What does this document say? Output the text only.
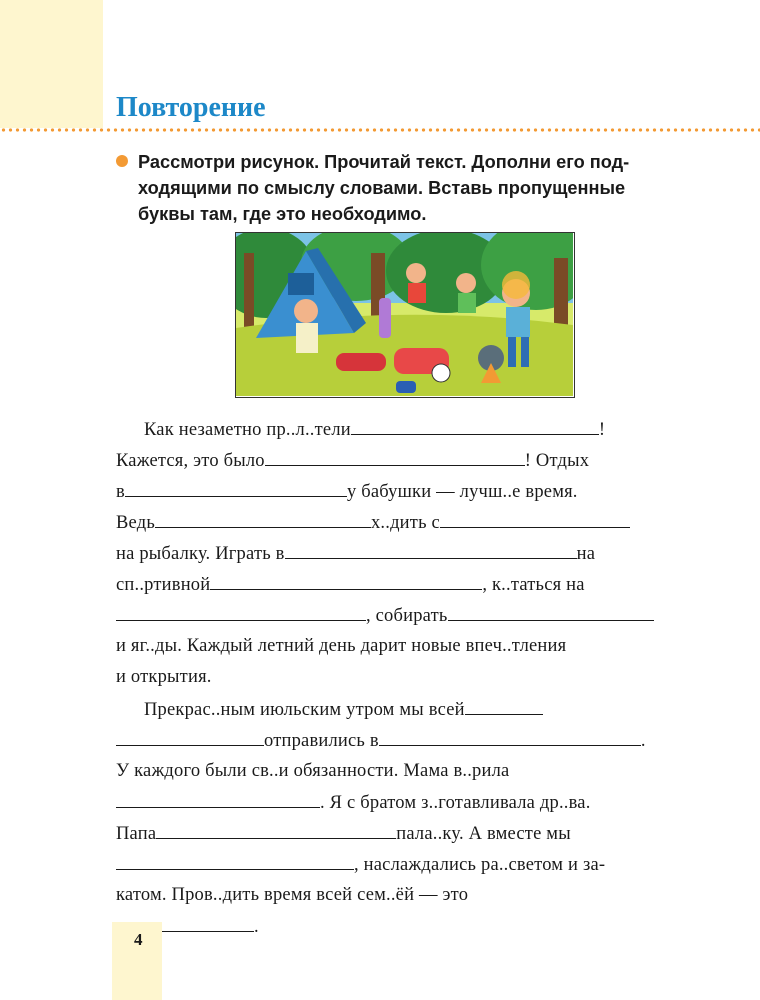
Повторение
Рассмотри рисунок. Прочитай текст. Дополни его под-
ходящими по смыслу словами. Вставь пропущенные
буквы там, где это необходимо.
Как незаметно пр..л..тели	!
Кажется, это было	! Отдых
в	у бабушки — лучш..е время.
Ведь	х..дить с
на рыбалку. Играть в	на
сп..ртивной	, к..таться на
, собирать
и яг..ды. Каждый летний день дарит новые впеч..тления
и открытия.
Прекрас..ным июльским утром мы всей
отправились в	.
У каждого были св..и обязанности. Мама в..рила
. Я с братом з..готавливала др..ва.
Папа	пала..ку. А вместе мы
, наслаждались ра..светом и за-
катом. Пров..дить время всей сем..ёй — это
.
4
